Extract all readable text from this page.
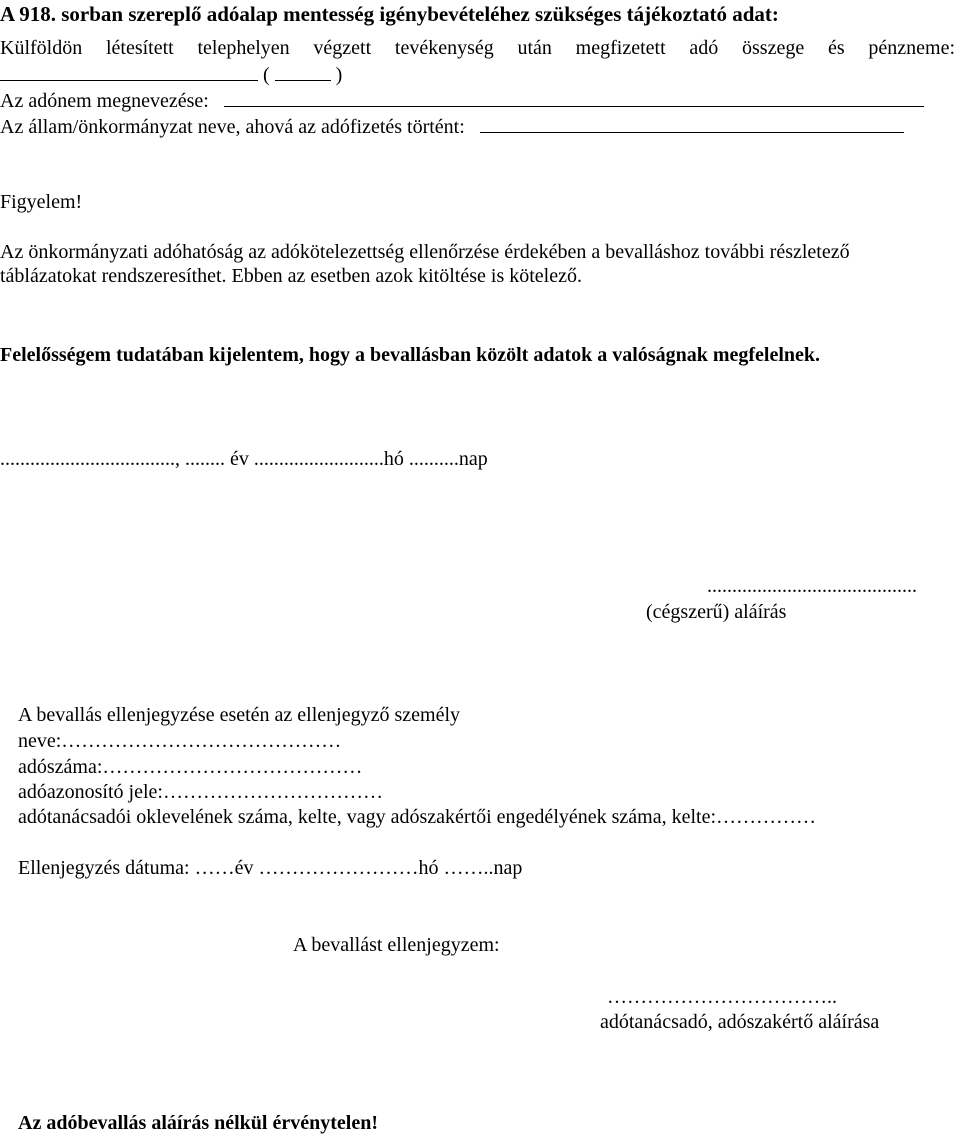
A 918. sorban szereplő adóalap mentesség igénybevételéhez szükséges tájékoztató adat:
Külföldön létesített telephelyen végzett tevékenység után megfizetett adó összege és pénzneme:
(	)
Az adónem megnevezése:
Az állam/önkormányzat neve, ahová az adófizetés történt:
Figyelem!
Az önkormányzati adóhatóság az adókötelezettség ellenőrzése érdekében a bevalláshoz további részletező
táblázatokat rendszeresíthet. Ebben az esetben azok kitöltése is kötelező.
Felelősségem tudatában kijelentem, hogy a bevallásban közölt adatok a valóságnak megfelelnek.
..................................., ........ év ..........................hó ..........nap
..........................................
(cégszerű) aláírás
A bevallás ellenjegyzése esetén az ellenjegyző személy
neve:……………………………………
adószáma:…………………………………
adóazonosító jele:……………………………
adótanácsadói oklevelének száma, kelte, vagy adószakértői engedélyének száma, kelte:……………
Ellenjegyzés dátuma: ……év ……………………hó ……..nap
A bevallást ellenjegyzem:
……………………………..
adótanácsadó, adószakértő aláírása
Az adóbevallás aláírás nélkül érvénytelen!
